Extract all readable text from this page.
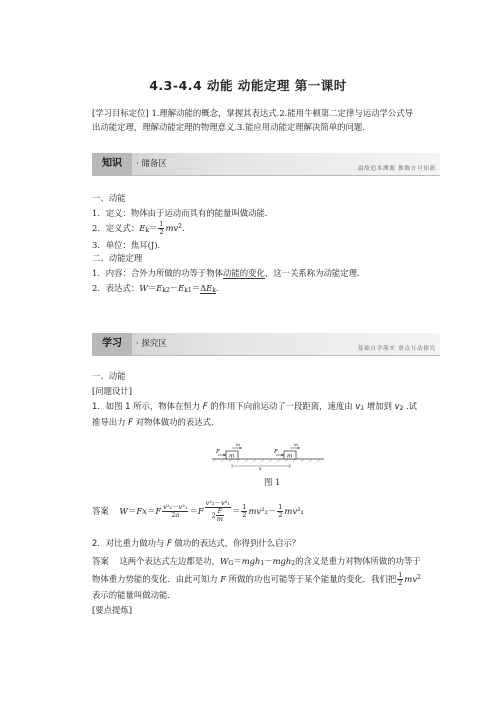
4.3-4.4 动能 动能定理 第一课时
[学习目标定位] 1.理解动能的概念，掌握其表达式.2.能用牛顿第二定律与运动学公式导
出动能定理，理解动能定理的物理意义.3.能应用动能定理解决简单的问题.
知识	· 储备区	温故追本溯源 推陈方可知新
一、动能
1．定义：物体由于运动而具有的能量叫做动能.
2．定义式：$Ek= \frac{1}{2} mv^2$.
3．单位：焦耳(J).
二、动能定理
1．内容：合外力所做的功等于物体动能的变化，这一关系称为动能定理.
2．表达式：W＝Ek2－Ek1＝ΔEk.
学习	· 探究区	基础自学落实 重点互动探究
一、动能
[问题设计]
1．如图 1 所示，物体在恒力 F 的作用下向前运动了一段距离，速度由 v1 增加到 v2 .试
推导出力 F 对物体做功的表达式．
m
F
v₁
m
F
v₂
x
图 1
答案 $W=Fx=F \frac{\text{v²₂－v²₁}}{2a} =F \frac{\text{v²₂－v²₁}}{2 \frac{F}{m}} = \frac{1}{2} mv^2_2- \frac{1}{2} mv^2_1$
2．对比重力做功与 F 做功的表达式，你得到什么启示？
答案 这两个表达式左边都是功，WG＝mgh1－mgh2的含义是重力对物体所做的功等于
物体重力势能的变化．由此可知力 F 所做的功也可能等于某个能量的变化．我们把 $\frac{1}{2} mv^2$
表示的能量叫做动能．
[要点提炼]
